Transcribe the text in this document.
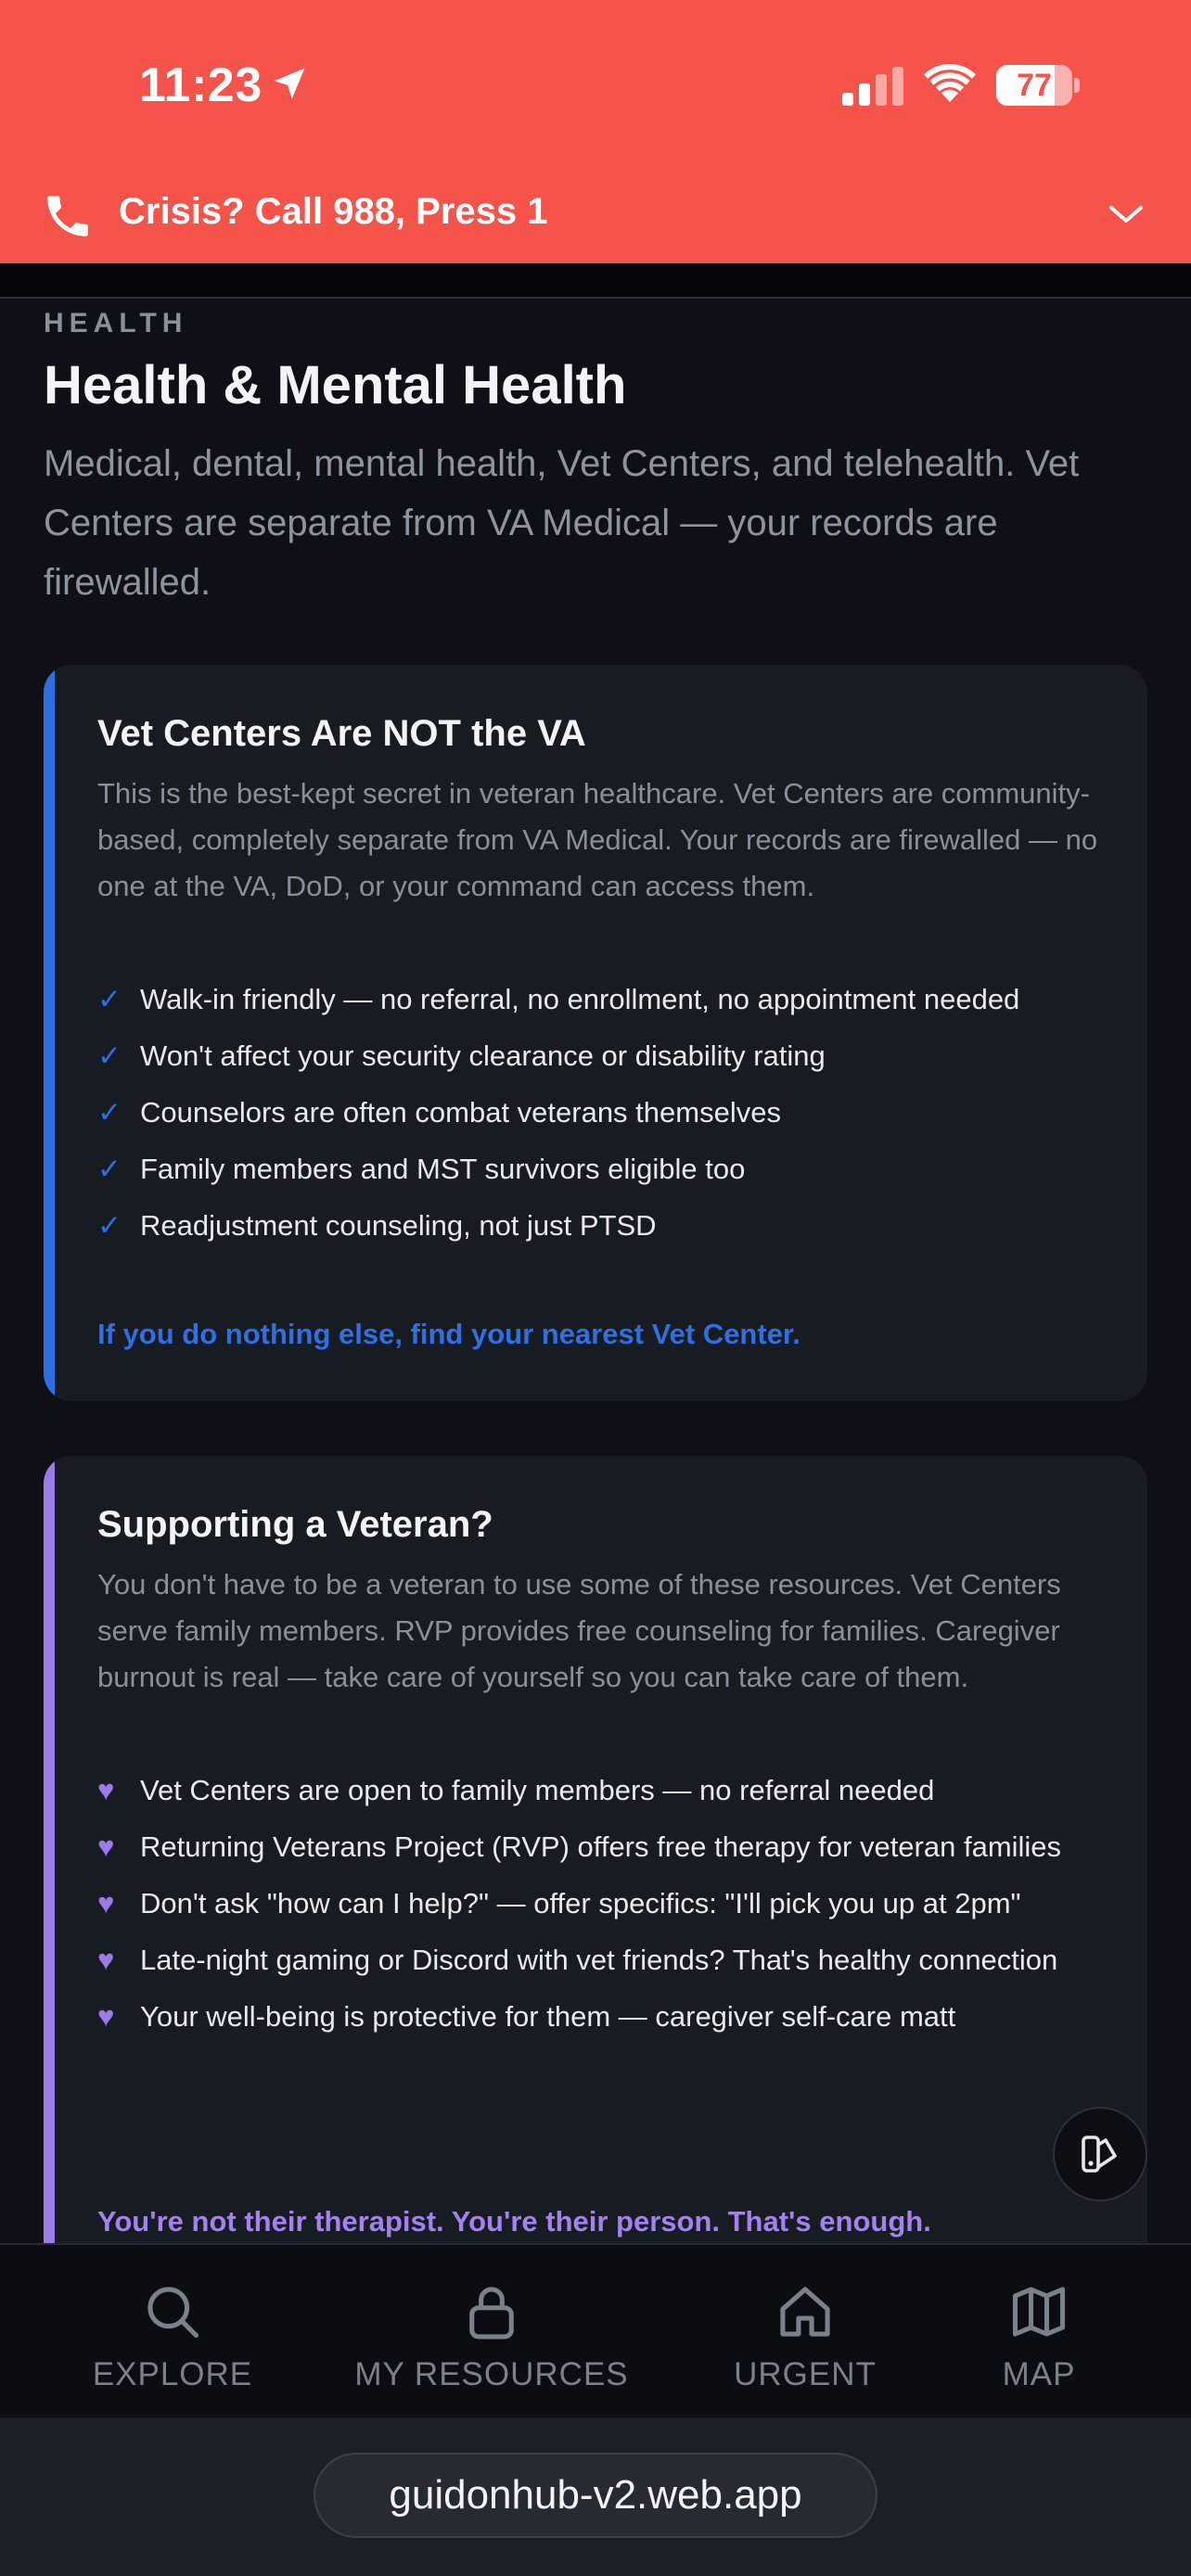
11:23	77
Crisis? Call 988, Press 1
HEALTH
Health & Mental Health
Medical, dental, mental health, Vet Centers, and telehealth. Vet Centers are separate from VA Medical — your records are firewalled.
Vet Centers Are NOT the VA
This is the best-kept secret in veteran healthcare. Vet Centers are community-based, completely separate from VA Medical. Your records are firewalled — no one at the VA, DoD, or your command can access them.
✓ Walk-in friendly — no referral, no enrollment, no appointment needed
✓ Won't affect your security clearance or disability rating
✓ Counselors are often combat veterans themselves
✓ Family members and MST survivors eligible too
✓ Readjustment counseling, not just PTSD
If you do nothing else, find your nearest Vet Center.
Supporting a Veteran?
You don't have to be a veteran to use some of these resources. Vet Centers serve family members. RVP provides free counseling for families. Caregiver burnout is real — take care of yourself so you can take care of them.
♥ Vet Centers are open to family members — no referral needed
♥ Returning Veterans Project (RVP) offers free therapy for veteran families
♥ Don't ask "how can I help?" — offer specifics: "I'll pick you up at 2pm"
♥ Late-night gaming or Discord with vet friends? That's healthy connection
♥ Your well-being is protective for them — caregiver self-care matt
You're not their therapist. You're their person. That's enough.
EXPLORE	MY RESOURCES	URGENT	MAP
guidonhub-v2.web.app
